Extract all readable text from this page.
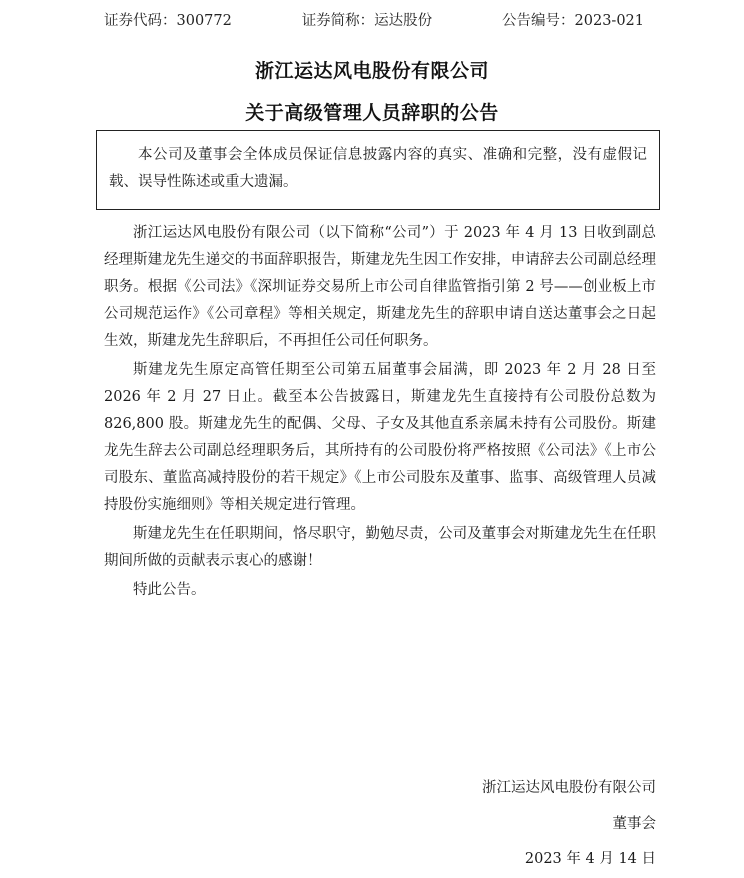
证券代码：300772	证券简称：运达股份	公告编号：2023-021
浙江运达风电股份有限公司
关于高级管理人员辞职的公告

本公司及董事会全体成员保证信息披露内容的真实、准确和完整，没有虚假记载、误导性陈述或重大遗漏。

浙江运达风电股份有限公司（以下简称“公司”）于 2023 年 4 月 13 日收到副总经理斯建龙先生递交的书面辞职报告，斯建龙先生因工作安排，申请辞去公司副总经理职务。根据《公司法》《深圳证券交易所上市公司自律监管指引第 2 号——创业板上市公司规范运作》《公司章程》等相关规定，斯建龙先生的辞职申请自送达董事会之日起生效，斯建龙先生辞职后，不再担任公司任何职务。

斯建龙先生原定高管任期至公司第五届董事会届满，即 2023 年 2 月 28 日至 2026 年 2 月 27 日止。截至本公告披露日，斯建龙先生直接持有公司股份总数为 826,800 股。斯建龙先生的配偶、父母、子女及其他直系亲属未持有公司股份。斯建龙先生辞去公司副总经理职务后，其所持有的公司股份将严格按照《公司法》《上市公司股东、董监高减持股份的若干规定》《上市公司股东及董事、监事、高级管理人员减持股份实施细则》等相关规定进行管理。

斯建龙先生在任职期间，恪尽职守，勤勉尽责，公司及董事会对斯建龙先生在任职期间所做的贡献表示衷心的感谢！

特此公告。

浙江运达风电股份有限公司
董事会
2023 年 4 月 14 日
